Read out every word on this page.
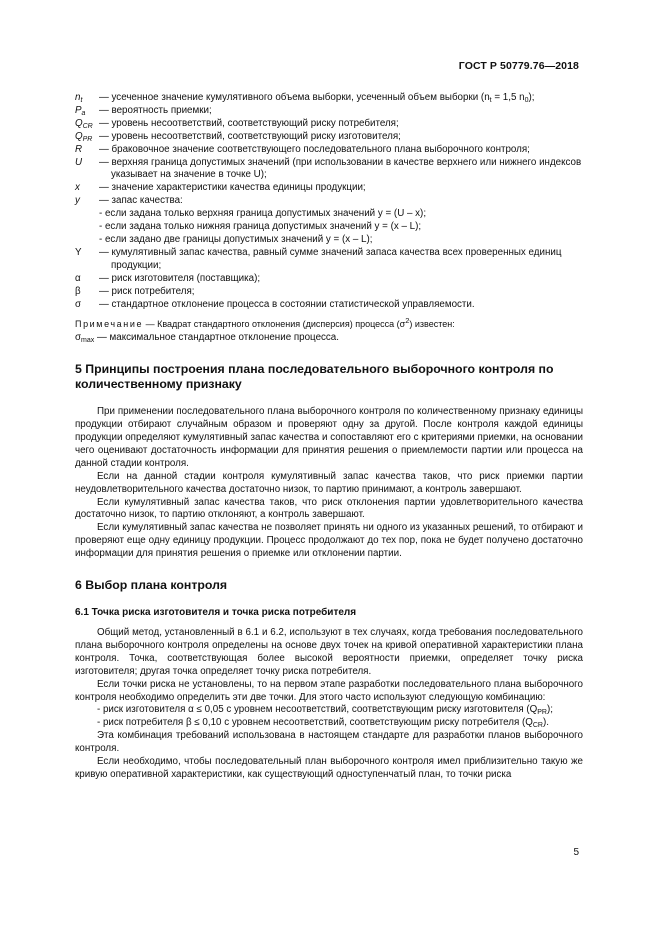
ГОСТ Р 50779.76—2018
$n_t$	— усеченное значение кумулятивного объема выборки, усеченный объем выборки ($n_t = 1,5$ $n_0$);
$P_a$	— вероятность приемки;
$Q_{CR}$ — уровень несоответствий, соответствующий риску потребителя;
$Q_{PR}$ — уровень несоответствий, соответствующий риску изготовителя;
R	— браковочное значение соответствующего последовательного плана выборочного контроля;
U	— верхняя граница допустимых значений (при использовании в качестве верхнего или нижнего индексов указывает на значение в точке U);
x	— значение характеристики качества единицы продукции;
y	— запас качества:
- если задана только верхняя граница допустимых значений y = (U – x);
- если задана только нижняя граница допустимых значений y = (x – L);
- если задано две границы допустимых значений y = (x – L);
Y	— кумулятивный запас качества, равный сумме значений запаса качества всех проверенных единиц продукции;
α	— риск изготовителя (поставщика);
β	— риск потребителя;
σ	— стандартное отклонение процесса в состоянии статистической управляемости.
Примечание — Квадрат стандартного отклонения (дисперсия) процесса $(\sigma^2)$ известен:
$\sigma_{max}$ — максимальное стандартное отклонение процесса.
5 Принципы построения плана последовательного выборочного контроля по количественному признаку

При применении последовательного плана выборочного контроля по количественному признаку единицы продукции отбирают случайным образом и проверяют одну за другой. После контроля каждой единицы продукции определяют кумулятивный запас качества и сопоставляют его с критериями приемки, на основании чего оценивают достаточность информации для принятия решения о приемлемости партии или процесса на данной стадии контроля.

Если на данной стадии контроля кумулятивный запас качества таков, что риск приемки партии неудовлетворительного качества достаточно низок, то партию принимают, а контроль завершают.

Если кумулятивный запас качества таков, что риск отклонения партии удовлетворительного качества достаточно низок, то партию отклоняют, а контроль завершают.

Если кумулятивный запас качества не позволяет принять ни одного из указанных решений, то отбирают и проверяют еще одну единицу продукции. Процесс продолжают до тех пор, пока не будет получено достаточно информации для принятия решения о приемке или отклонении партии.

6 Выбор плана контроля
6.1 Точка риска изготовителя и точка риска потребителя

Общий метод, установленный в 6.1 и 6.2, используют в тех случаях, когда требования последовательного плана выборочного контроля определены на основе двух точек на кривой оперативной характеристики плана контроля. Точка, соответствующая более высокой вероятности приемки, определяет точку риска изготовителя; другая точка определяет точку риска потребителя.

Если точки риска не установлены, то на первом этапе разработки последовательного плана выборочного контроля необходимо определить эти две точки. Для этого часто используют следующую комбинацию:

- риск изготовителя α ≤ 0,05 с уровнем несоответствий, соответствующим риску изготовителя $(Q_{PR})$;
- риск потребителя β ≤ 0,10 с уровнем несоответствий, соответствующим риску потребителя $(Q_{CR})$.

Эта комбинация требований использована в настоящем стандарте для разработки планов выборочного контроля.

Если необходимо, чтобы последовательный план выборочного контроля имел приблизительно такую же кривую оперативной характеристики, как существующий одноступенчатый план, то точки риска

5
